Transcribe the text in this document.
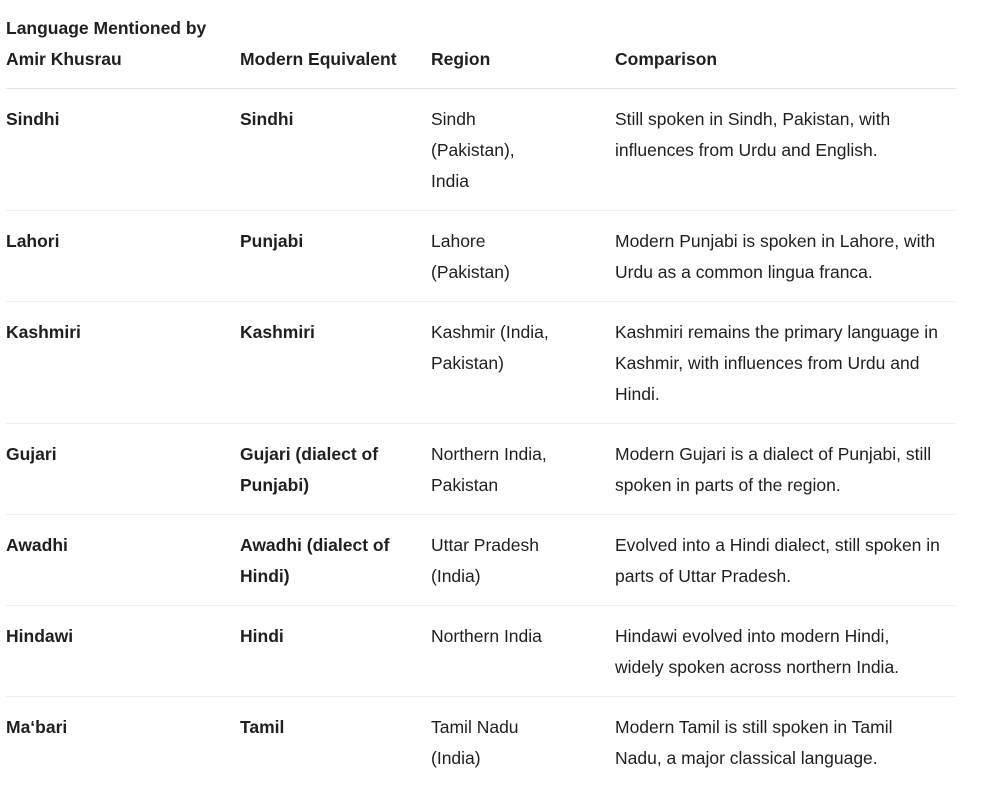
Language Mentioned by Amir Khusrau	Modern Equivalent	Region	Comparison
Sindhi	Sindhi	Sindh (Pakistan), India	Still spoken in Sindh, Pakistan, with influences from Urdu and English.
Lahori	Punjabi	Lahore (Pakistan)	Modern Punjabi is spoken in Lahore, with Urdu as a common lingua franca.
Kashmiri	Kashmiri	Kashmir (India, Pakistan)	Kashmiri remains the primary language in Kashmir, with influences from Urdu and Hindi.
Gujari	Gujari (dialect of Punjabi)	Northern India, Pakistan	Modern Gujari is a dialect of Punjabi, still spoken in parts of the region.
Awadhi	Awadhi (dialect of Hindi)	Uttar Pradesh (India)	Evolved into a Hindi dialect, still spoken in parts of Uttar Pradesh.
Hindawi	Hindi	Northern India	Hindawi evolved into modern Hindi, widely spoken across northern India.
Ma‘bari	Tamil	Tamil Nadu (India)	Modern Tamil is still spoken in Tamil Nadu, a major classical language.
